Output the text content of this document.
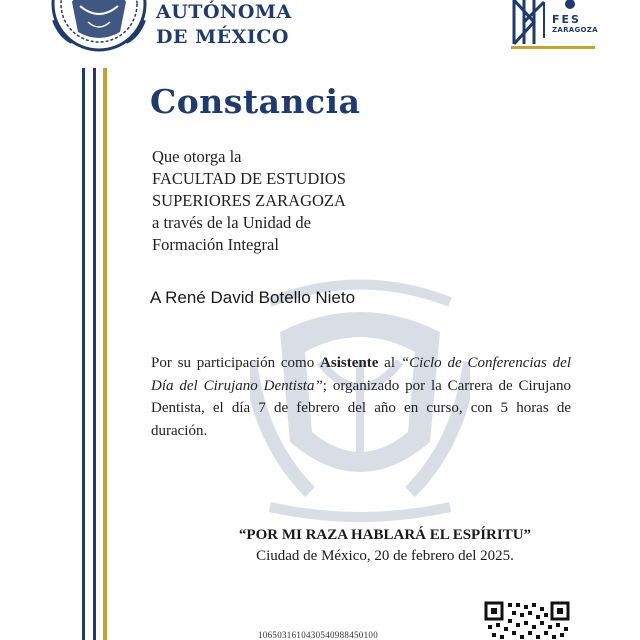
AUTÓNOMA
DE MÉXICO
FES
ZARAGOZA
Constancia
Que otorga la
FACULTAD DE ESTUDIOS
SUPERIORES ZARAGOZA
a través de la Unidad de
Formación Integral
A René David Botello Nieto
Por su participación como Asistente al “Ciclo de Conferencias del Día del Cirujano Dentista”; organizado por la Carrera de Cirujano Dentista, el día 7 de febrero del año en curso, con 5 horas de duración.
“POR MI RAZA HABLARÁ EL ESPÍRITU”
Ciudad de México, 20 de febrero del 2025.
1065031610430540988450100
